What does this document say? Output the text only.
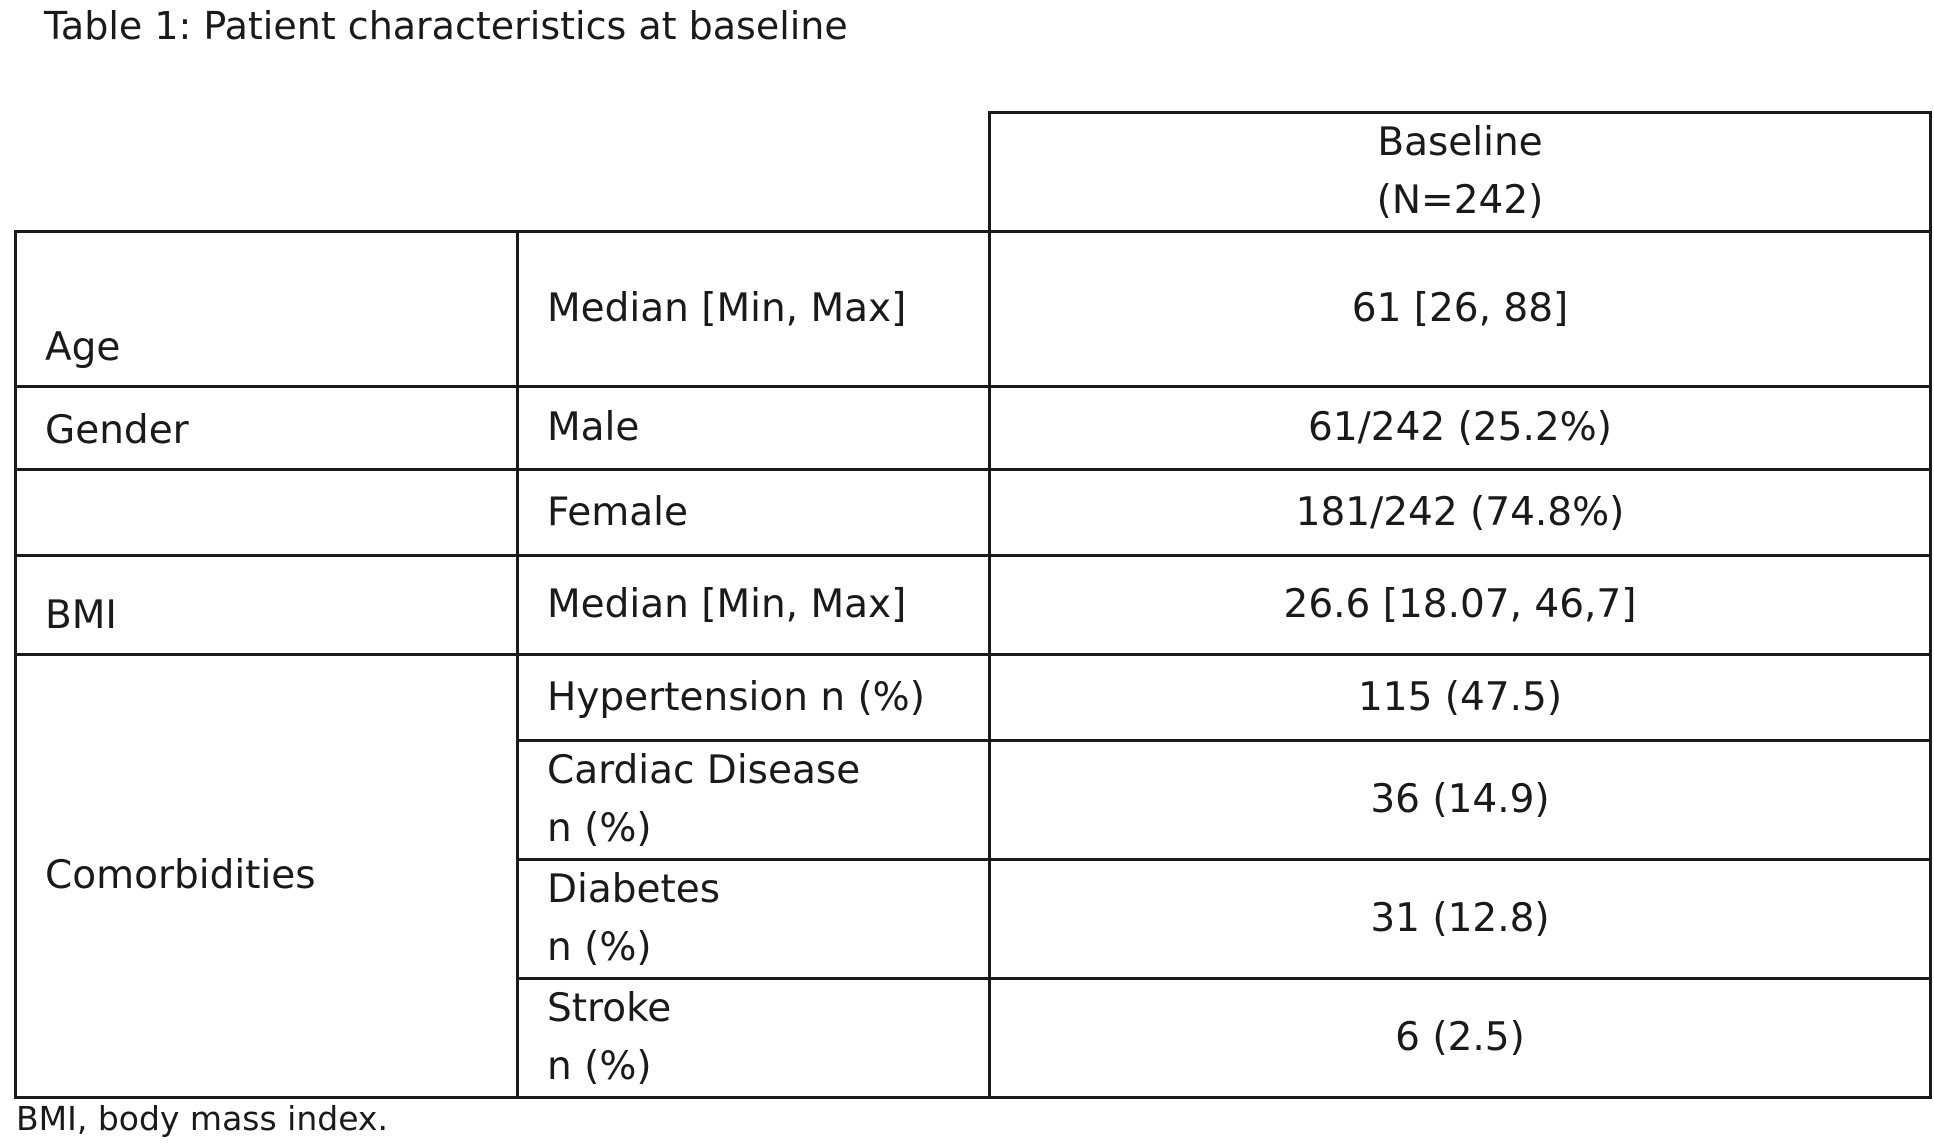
Table 1: Patient characteristics at baseline
		Baseline
(N=242)
Age	Median [Min, Max]	61 [26, 88]
Gender	Male	61/242 (25.2%)
	Female	181/242 (74.8%)
BMI	Median [Min, Max]	26.6 [18.07, 46,7]
Comorbidities	Hypertension n (%)	115 (47.5)
	Cardiac Disease
n (%)	36 (14.9)
	Diabetes
n (%)	31 (12.8)
	Stroke
n (%)	6 (2.5)
BMI, body mass index.
